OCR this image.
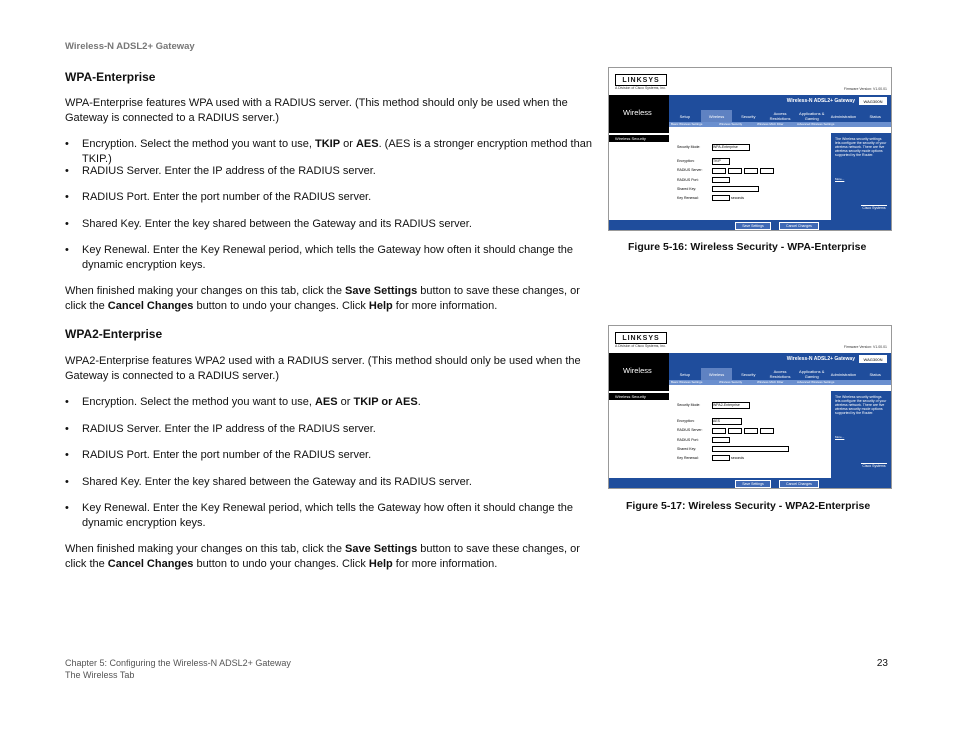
Wireless-N ADSL2+ Gateway
WPA-Enterprise
WPA-Enterprise features WPA used with a RADIUS server. (This method should only be used when the Gateway is connected to a RADIUS server.)
• Encryption. Select the method you want to use, TKIP or AES. (AES is a stronger encryption method than TKIP.)
• RADIUS Server. Enter the IP address of the RADIUS server.
• RADIUS Port. Enter the port number of the RADIUS server.
• Shared Key. Enter the key shared between the Gateway and its RADIUS server.
• Key Renewal. Enter the Key Renewal period, which tells the Gateway how often it should change the dynamic encryption keys.
When finished making your changes on this tab, click the Save Settings button to save these changes, or click the Cancel Changes button to undo your changes. Click Help for more information.
WPA2-Enterprise
WPA2-Enterprise features WPA2 used with a RADIUS server. (This method should only be used when the Gateway is connected to a RADIUS server.)
• Encryption. Select the method you want to use, AES or TKIP or AES.
• RADIUS Server. Enter the IP address of the RADIUS server.
• RADIUS Port. Enter the port number of the RADIUS server.
• Shared Key. Enter the key shared between the Gateway and its RADIUS server.
• Key Renewal. Enter the Key Renewal period, which tells the Gateway how often it should change the dynamic encryption keys.
When finished making your changes on this tab, click the Save Settings button to save these changes, or click the Cancel Changes button to undo your changes. Click Help for more information.
LINKSYS
A Division of Cisco Systems, Inc.	Firmware Version: V1.00.01
Wireless
Wireless-N ADSL2+ Gateway	WAG300N
Setup	Wireless	Security	Access Restrictions
Applications & Gaming	Administration	Status
Basic Wireless Settings	Wireless Security	Wireless MAC Filter	Advanced Wireless Settings
Wireless Security
Security Mode:	WPA-Enterprise
Encryption:	TKIP
RADIUS Server:
RADIUS Port:
Shared Key:
Key Renewal:	seconds
The Wireless security settings lets configure the security of your wireless network. There are five wireless security mode options supported by the Router.
More...
Cisco Systems
Save Settings	Cancel Changes
Figure 5-16: Wireless Security - WPA-Enterprise
LINKSYS
A Division of Cisco Systems, Inc.	Firmware Version: V1.00.01
Wireless
Wireless-N ADSL2+ Gateway	WAG300N
Setup	Wireless	Security	Access Restrictions
Applications & Gaming	Administration	Status
Basic Wireless Settings	Wireless Security	Wireless MAC Filter	Advanced Wireless Settings
Wireless Security
Security Mode:	WPA2-Enterprise
Encryption:	AES
RADIUS Server:
RADIUS Port:
Shared Key:
Key Renewal:	seconds
The Wireless security settings lets configure the security of your wireless network. There are five wireless security mode options supported by the Router.
More...
Cisco Systems
Save Settings	Cancel Changes
Figure 5-17: Wireless Security - WPA2-Enterprise
Chapter 5: Configuring the Wireless-N ADSL2+ Gateway
The Wireless Tab
23
